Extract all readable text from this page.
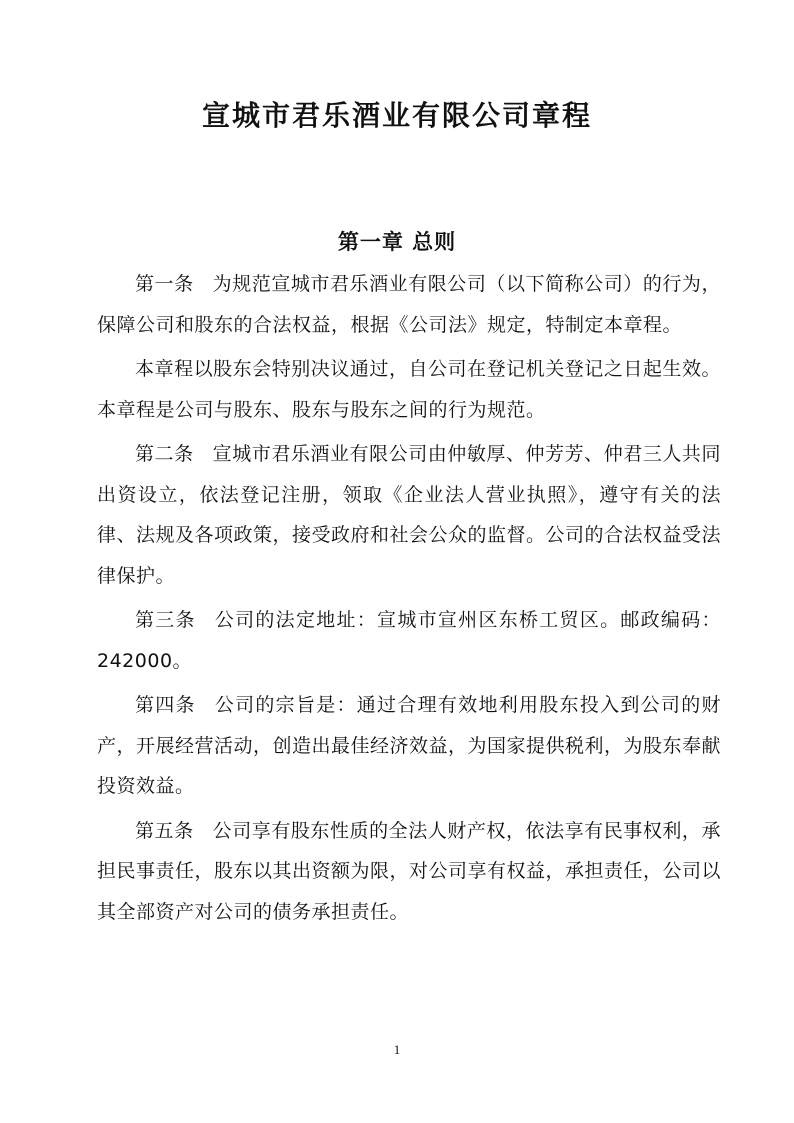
宣城市君乐酒业有限公司章程
第一章 总则

第一条 为规范宣城市君乐酒业有限公司（以下简称公司）的行为，保障公司和股东的合法权益，根据《公司法》规定，特制定本章程。

本章程以股东会特别决议通过，自公司在登记机关登记之日起生效。本章程是公司与股东、股东与股东之间的行为规范。

第二条 宣城市君乐酒业有限公司由仲敏厚、仲芳芳、仲君三人共同出资设立，依法登记注册，领取《企业法人营业执照》，遵守有关的法律、法规及各项政策，接受政府和社会公众的监督。公司的合法权益受法律保护。

第三条 公司的法定地址：宣城市宣州区东桥工贸区。邮政编码：242000。

第四条 公司的宗旨是：通过合理有效地利用股东投入到公司的财产，开展经营活动，创造出最佳经济效益，为国家提供税利，为股东奉献投资效益。

第五条 公司享有股东性质的全法人财产权，依法享有民事权利，承担民事责任，股东以其出资额为限，对公司享有权益，承担责任，公司以其全部资产对公司的债务承担责任。

1
